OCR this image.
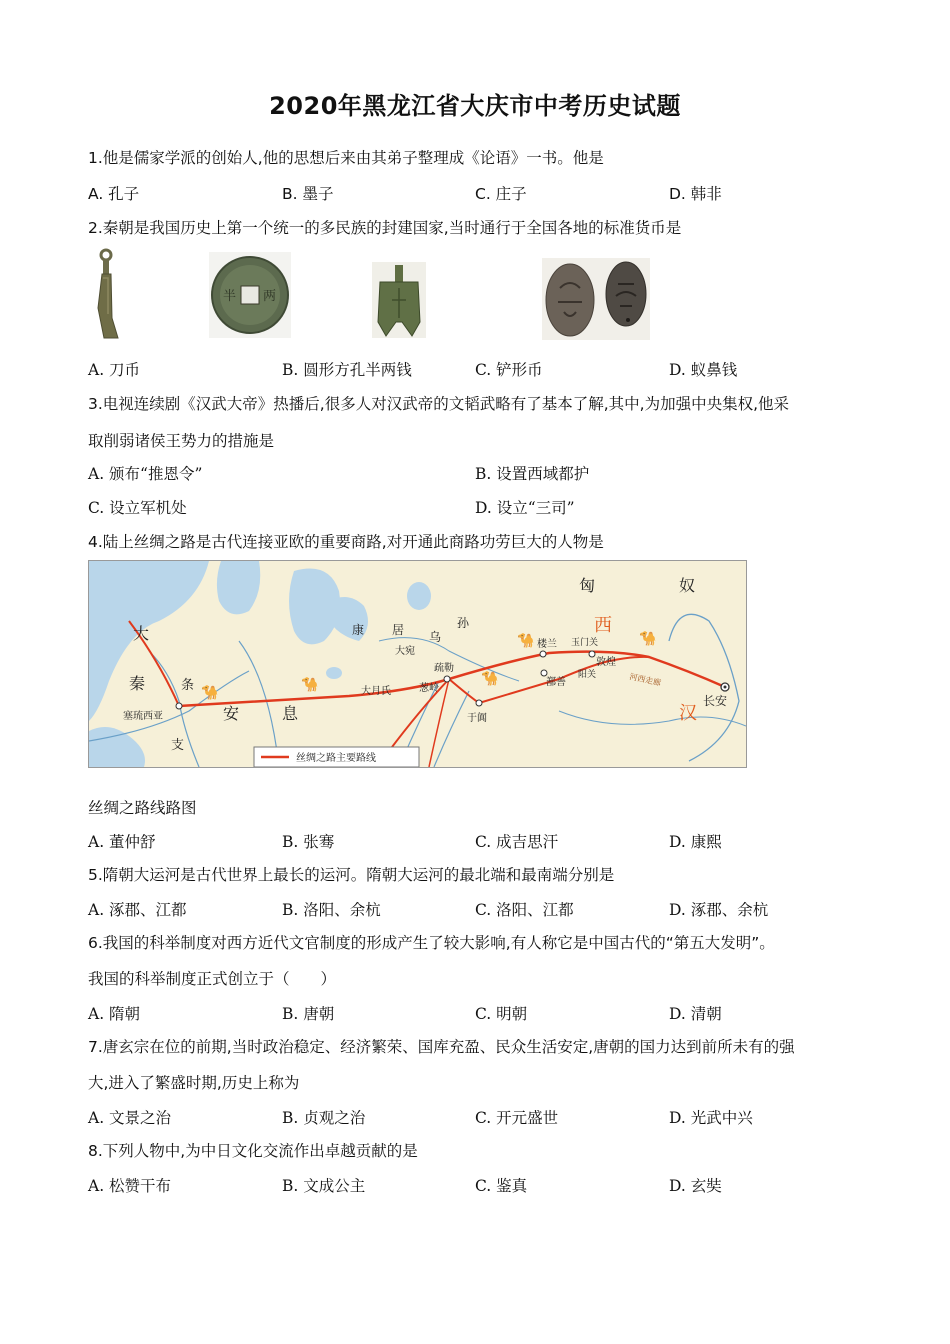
2020年黑龙江省大庆市中考历史试题
1.他是儒家学派的创始人,他的思想后来由其弟子整理成《论语》一书。他是
A. 孔子	B. 墨子	C. 庄子	D. 韩非
2.秦朝是我国历史上第一个统一的多民族的封建国家,当时通行于全国各地的标准货币是
半 两
A. 刀币	B. 圆形方孔半两钱	C. 铲形币	D. 蚁鼻钱
3.电视连续剧《汉武大帝》热播后,很多人对汉武帝的文韬武略有了基本了解,其中,为加强中央集权,他采
取削弱诸侯王势力的措施是
A. 颁布“推恩令”	B. 设置西域都护
C. 设立军机处	D. 设立“三司”
4.陆上丝绸之路是古代连接亚欧的重要商路,对开通此商路功劳巨大的人物是
🐪	🐪	🐪
🐪	🐪
丝绸之路主要路线
匈	奴
西
汉
大
秦	条
安	息
支
康 居 乌
孙
大宛
疏勒
葱岭
大月氏
楼兰 玉门关
敦煌
阳关
鄯善
于阗
河西走廊
长安
塞琉西亚
丝绸之路线路图
A. 董仲舒	B. 张骞	C. 成吉思汗	D. 康熙
5.隋朝大运河是古代世界上最长的运河。隋朝大运河的最北端和最南端分别是
A. 涿郡、江都	B. 洛阳、余杭	C. 洛阳、江都	D. 涿郡、余杭
6.我国的科举制度对西方近代文官制度的形成产生了较大影响,有人称它是中国古代的“第五大发明”。
我国的科举制度正式创立于（　　）
A. 隋朝	B. 唐朝	C. 明朝	D. 清朝
7.唐玄宗在位的前期,当时政治稳定、经济繁荣、国库充盈、民众生活安定,唐朝的国力达到前所未有的强
大,进入了繁盛时期,历史上称为
A. 文景之治	B. 贞观之治	C. 开元盛世	D. 光武中兴
8.下列人物中,为中日文化交流作出卓越贡献的是
A. 松赞干布	B. 文成公主	C. 鉴真	D. 玄奘
